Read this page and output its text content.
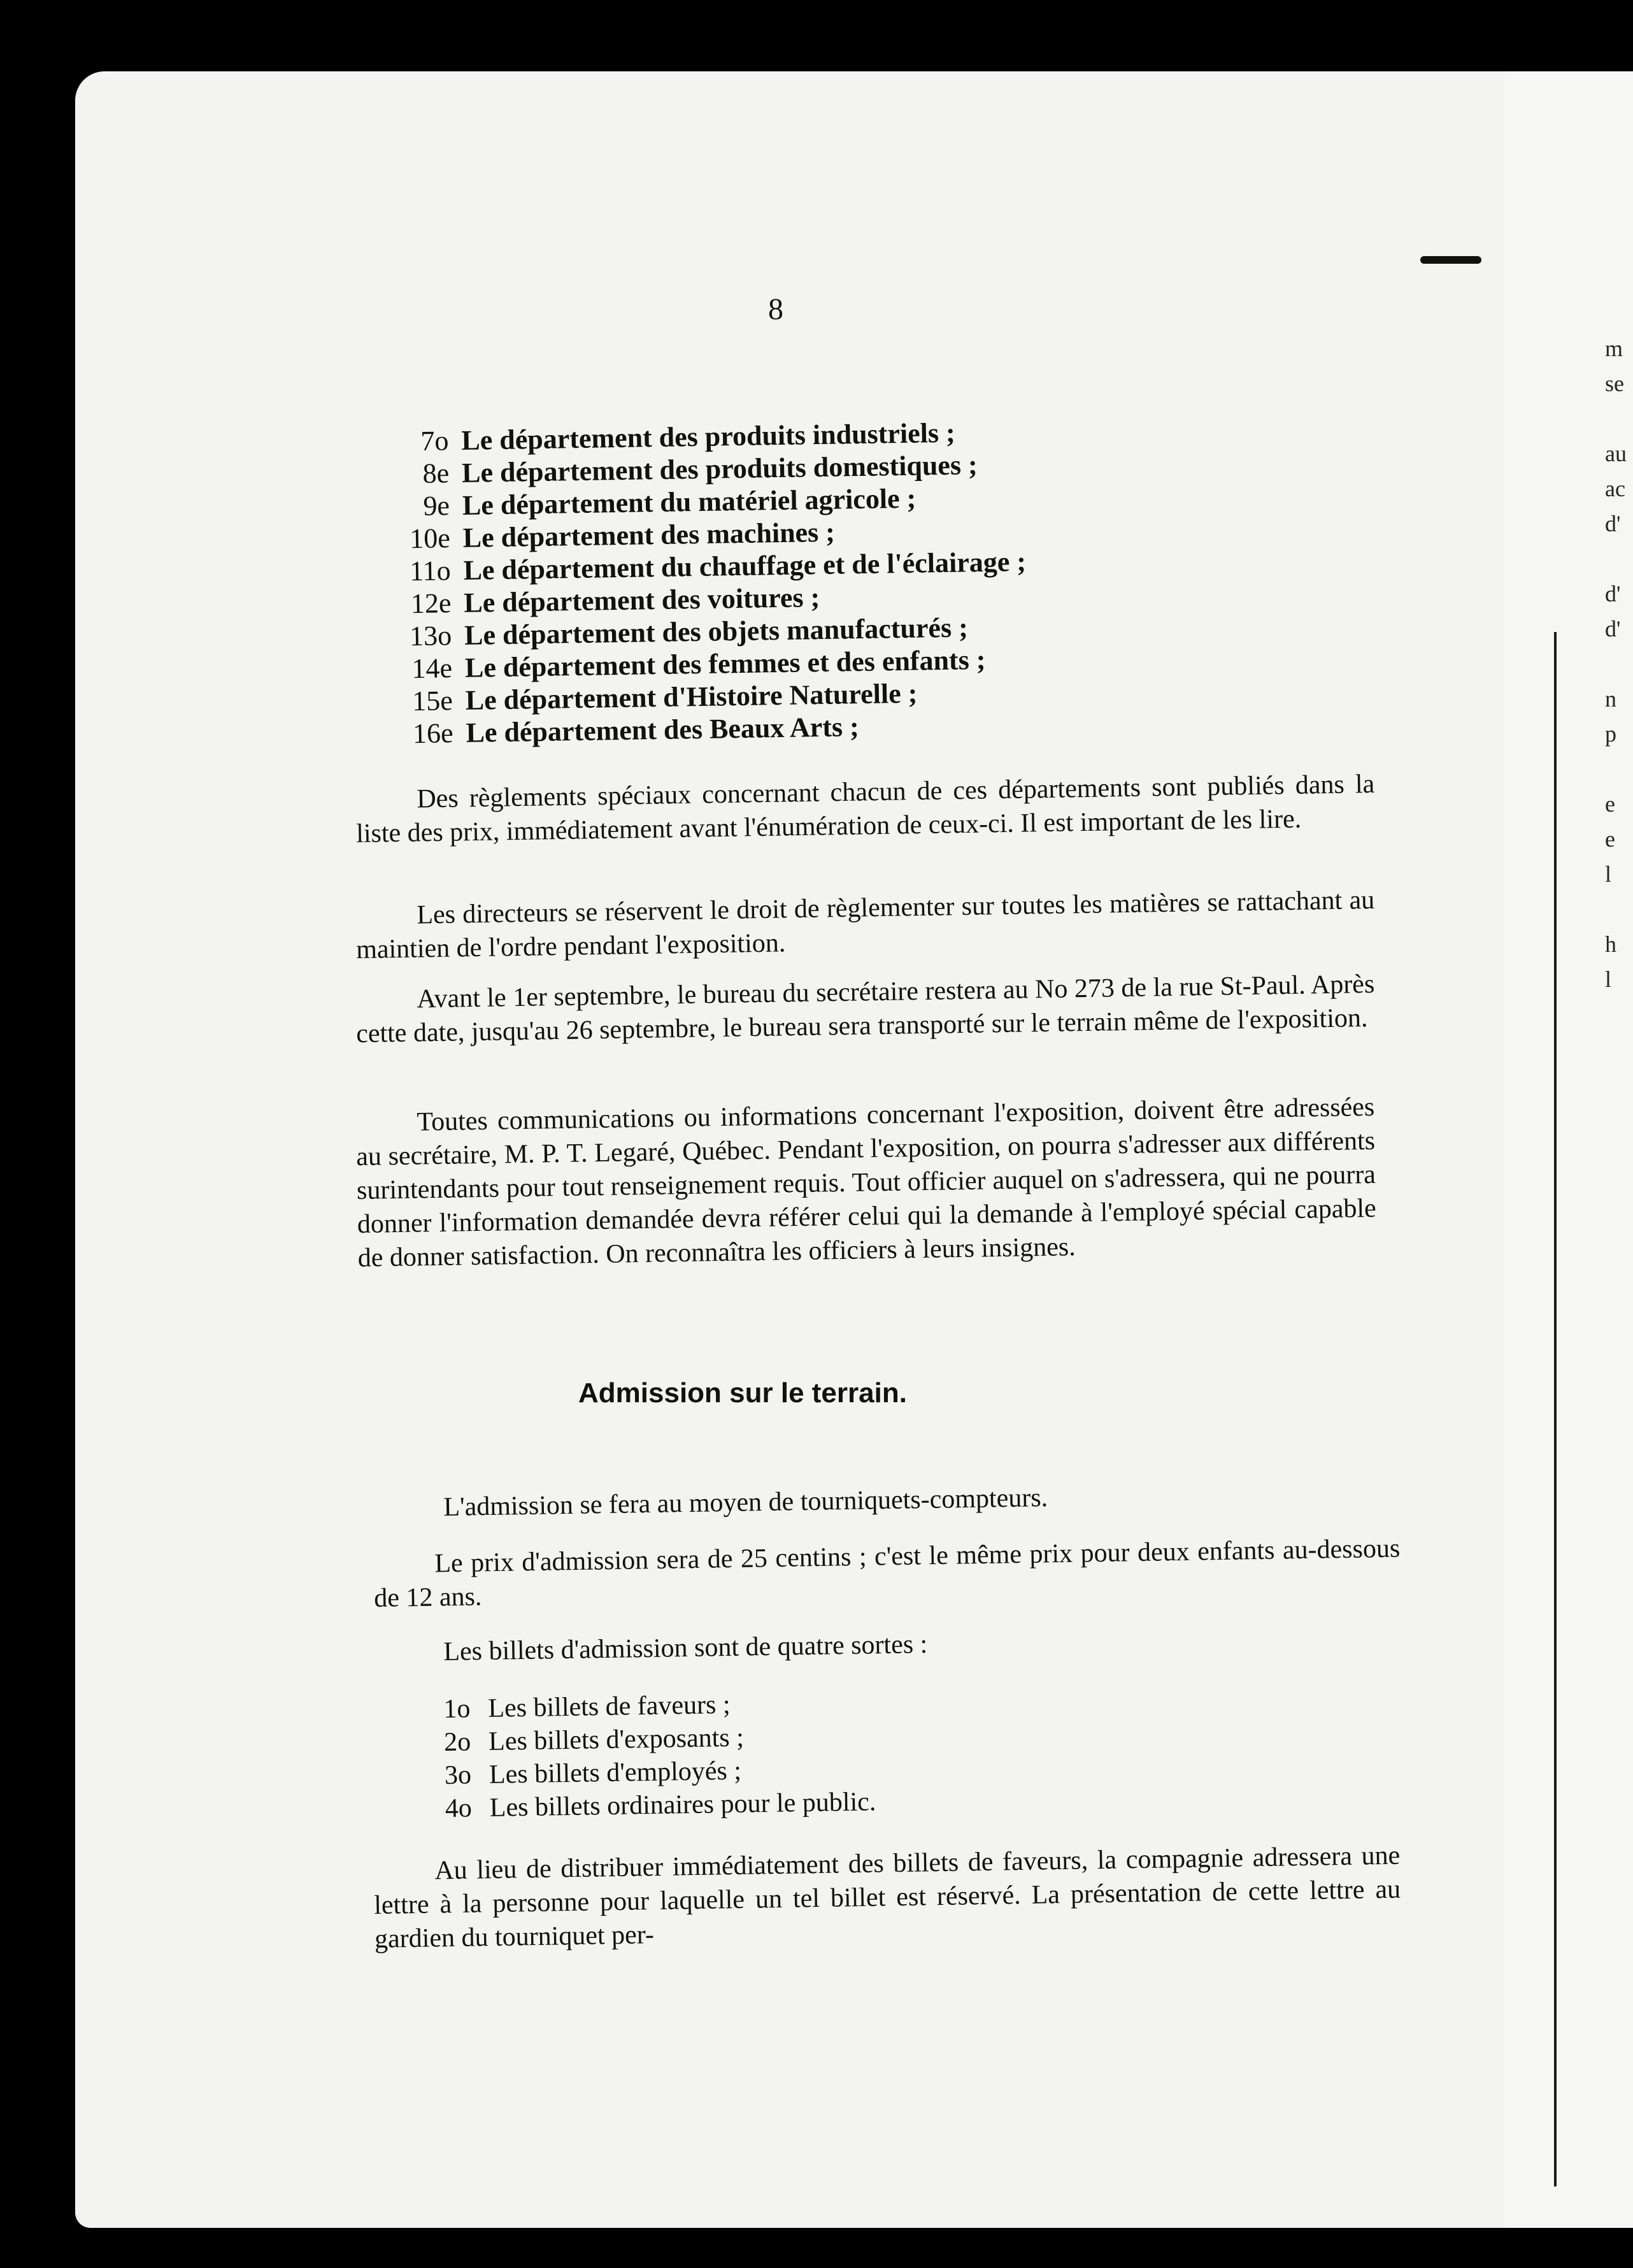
8
7o Le département des produits industriels ;
8e Le département des produits domestiques ;
9e Le département du matériel agricole ;
10e Le département des machines ;
11o Le département du chauffage et de l'éclairage ;
12e Le département des voitures ;
13o Le département des objets manufacturés ;
14e Le département des femmes et des enfants ;
15e Le département d'Histoire Naturelle ;
16e Le département des Beaux Arts ;
Des règlements spéciaux concernant chacun de ces départements sont publiés dans la liste des prix, immédiatement avant l'énumération de ceux-ci. Il est important de les lire.
Les directeurs se réservent le droit de règlementer sur toutes les matières se rattachant au maintien de l'ordre pendant l'exposition.
Avant le 1er septembre, le bureau du secrétaire restera au No 273 de la rue St-Paul. Après cette date, jusqu'au 26 septembre, le bureau sera transporté sur le terrain même de l'exposition.
Toutes communications ou informations concernant l'exposition, doivent être adressées au secrétaire, M. P. T. Legaré, Québec. Pendant l'exposition, on pourra s'adresser aux différents surintendants pour tout renseignement requis. Tout officier auquel on s'adressera, qui ne pourra donner l'information demandée devra référer celui qui la demande à l'employé spécial capable de donner satisfaction. On reconnaîtra les officiers à leurs insignes.
Admission sur le terrain.
L'admission se fera au moyen de tourniquets-compteurs.
Le prix d'admission sera de 25 centins ; c'est le même prix pour deux enfants au-dessous de 12 ans.
Les billets d'admission sont de quatre sortes :
1o Les billets de faveurs ;
2o Les billets d'exposants ;
3o Les billets d'employés ;
4o Les billets ordinaires pour le public.
Au lieu de distribuer immédiatement des billets de faveurs, la compagnie adressera une lettre à la personne pour laquelle un tel billet est réservé. La présentation de cette lettre au gardien du tourniquet per-
m
se
au
ac
d'
d'
d'
n
p
e
e
l
h
l
